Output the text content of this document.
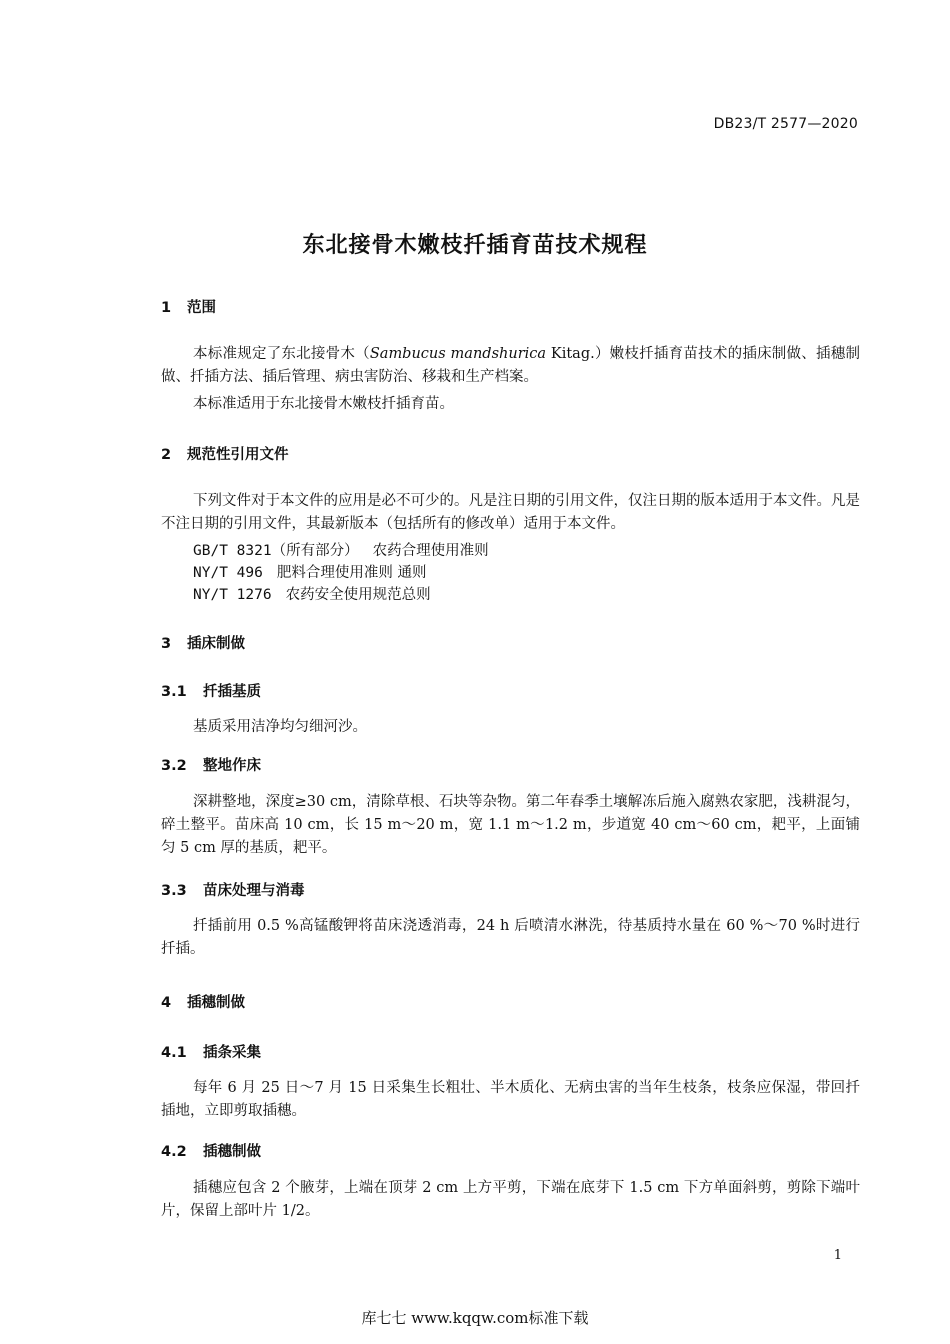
DB23/T 2577—2020
东北接骨木嫩枝扦插育苗技术规程
1 范围
本标准规定了东北接骨木（Sambucus mandshurica Kitag.）嫩枝扦插育苗技术的插床制做、插穗制做、扦插方法、插后管理、病虫害防治、移栽和生产档案。
本标准适用于东北接骨木嫩枝扦插育苗。
2 规范性引用文件
下列文件对于本文件的应用是必不可少的。凡是注日期的引用文件，仅注日期的版本适用于本文件。凡是不注日期的引用文件，其最新版本（包括所有的修改单）适用于本文件。
GB/T 8321（所有部分） 农药合理使用准则
NY/T 496 肥料合理使用准则 通则
NY/T 1276 农药安全使用规范总则
3 插床制做
3.1 扦插基质
基质采用洁净均匀细河沙。
3.2 整地作床
深耕整地，深度≥30 cm，清除草根、石块等杂物。第二年春季土壤解冻后施入腐熟农家肥，浅耕混匀，碎土整平。苗床高 10 cm，长 15 m～20 m，宽 1.1 m～1.2 m，步道宽 40 cm～60 cm，耙平，上面铺匀 5 cm 厚的基质，耙平。
3.3 苗床处理与消毒
扦插前用 0.5 %高锰酸钾将苗床浇透消毒，24 h 后喷清水淋洗，待基质持水量在 60 %～70 %时进行扦插。
4 插穗制做
4.1 插条采集
每年 6 月 25 日～7 月 15 日采集生长粗壮、半木质化、无病虫害的当年生枝条，枝条应保湿，带回扦插地，立即剪取插穗。
4.2 插穗制做
插穗应包含 2 个腋芽，上端在顶芽 2 cm 上方平剪，下端在底芽下 1.5 cm 下方单面斜剪，剪除下端叶片，保留上部叶片 1/2。
1
库七七 www.kqqw.com标准下载
